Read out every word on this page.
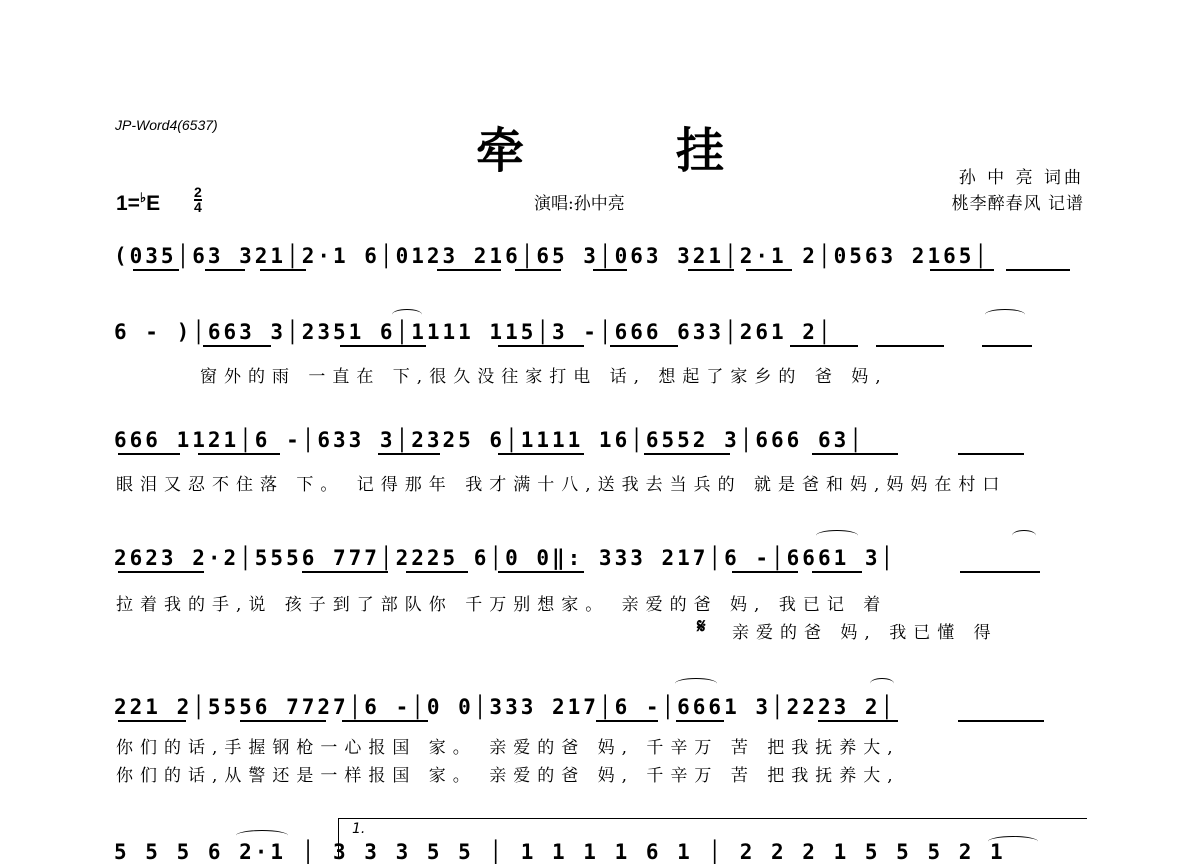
JP-Word4(6537)	牵	挂	孙 中 亮 词曲
桃李醉春风 记谱
演唱:孙中亮
1=♭E 2
4
(035│63 321│2·1 6│0123 216│65 3│063 321│2·1 2│0563 2165│
6 - )│663 3│2351 6│1111 115│3 -│666 633│261 2│
窗外的雨 一直在 下,很久没往家打电 话, 想起了家乡的 爸 妈,
666 1121│6 -│633 3│2325 6│1111 16│6552 3│666 63│
眼泪又忍不住落 下。 记得那年 我才满十八,送我去当兵的 就是爸和妈,妈妈在村口
2623 2·2│5556 777│2225 6│0 0‖: 333 217│6 -│6661 3│
拉着我的手,说 孩子到了部队你 千万别想家。 亲爱的爸 妈, 我已记 着
𝄋 亲爱的爸 妈, 我已懂 得
221 2│5556 7727│6 -│0 0│333 217│6 -│6661 3│2223 2│
你们的话,手握钢枪一心报国 家。 亲爱的爸 妈, 千辛万 苦 把我抚养大,
你们的话,从警还是一样报国 家。 亲爱的爸 妈, 千辛万 苦 把我抚养大,
1.
5 5 5 6 2·1 │ 3 3 3 5 5 │ 1 1 1 1 6 1 │ 2 2 2 1 5 5 5 2 1
